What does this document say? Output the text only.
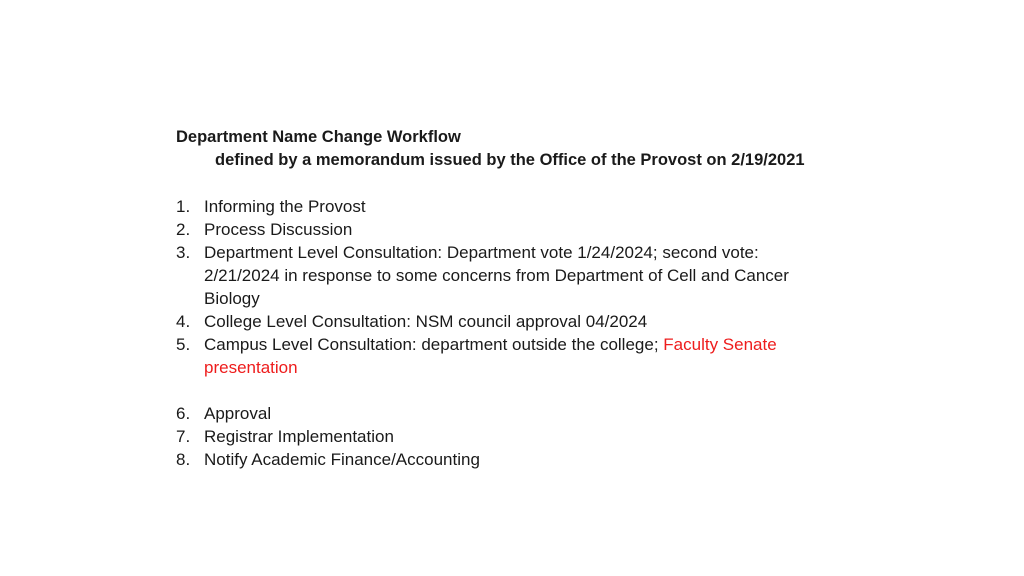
Department Name Change Workflow

defined by a memorandum issued by the Office of the Provost on 2/19/2021

1. Informing the Provost
2. Process Discussion
3. Department Level Consultation: Department vote 1/24/2024; second vote: 2/21/2024 in response to some concerns from Department of Cell and Cancer Biology
4. College Level Consultation: NSM council approval 04/2024
5. Campus Level Consultation: department outside the college; Faculty Senate presentation
6. Approval
7. Registrar Implementation
8. Notify Academic Finance/Accounting
